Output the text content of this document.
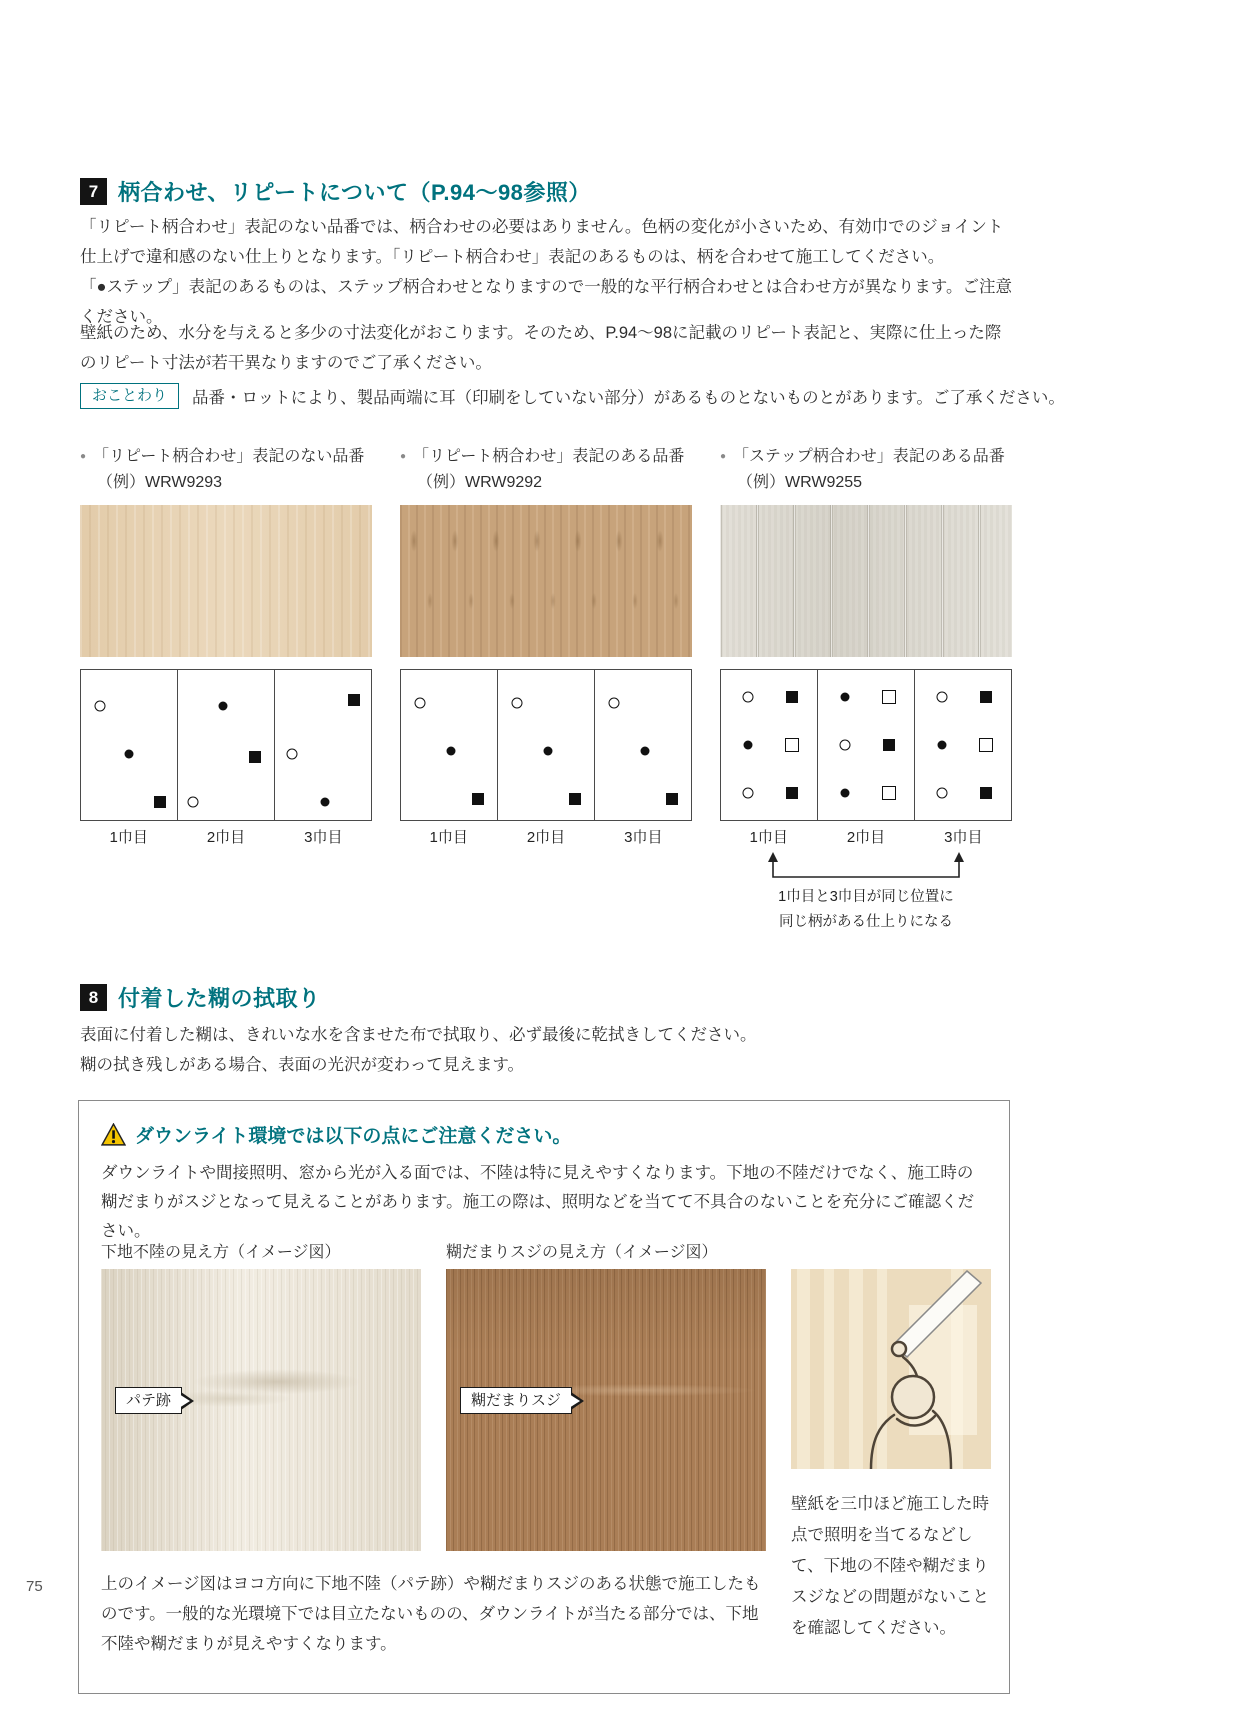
7 柄合わせ、リピートについて（P.94～98参照）

「リピート柄合わせ」表記のない品番では、柄合わせの必要はありません。色柄の変化が小さいため、有効巾でのジョイント仕上げで違和感のない仕上りとなります。「リピート柄合わせ」表記のあるものは、柄を合わせて施工してください。

「●ステップ」表記のあるものは、ステップ柄合わせとなりますので一般的な平行柄合わせとは合わせ方が異なります。ご注意ください。

壁紙のため、水分を与えると多少の寸法変化がおこります。そのため、P.94～98に記載のリピート表記と、実際に仕上った際のリピート寸法が若干異なりますのでご了承ください。

おことわり	品番・ロットにより、製品両端に耳（印刷をしていない部分）があるものとないものとがあります。ご了承ください。
● 「リピート柄合わせ」表記のない品番
（例）WRW9293
1巾目	2巾目	3巾目
● 「リピート柄合わせ」表記のある品番
（例）WRW9292
1巾目	2巾目	3巾目
● 「ステップ柄合わせ」表記のある品番
（例）WRW9255
1巾目	2巾目	3巾目
1巾目と3巾目が同じ位置に
同じ柄がある仕上りになる
8 付着した糊の拭取り

表面に付着した糊は、きれいな水を含ませた布で拭取り、必ず最後に乾拭きしてください。

糊の拭き残しがある場合、表面の光沢が変わって見えます。

ダウンライト環境では以下の点にご注意ください。
ダウンライトや間接照明、窓から光が入る面では、不陸は特に見えやすくなります。下地の不陸だけでなく、施工時の糊だまりがスジとなって見えることがあります。施工の際は、照明などを当てて不具合のないことを充分にご確認ください。
下地不陸の見え方（イメージ図）	糊だまりスジの見え方（イメージ図）
パテ跡	糊だまりスジ
上のイメージ図はヨコ方向に下地不陸（パテ跡）や糊だまりスジのある状態で施工したものです。一般的な光環境下では目立たないものの、ダウンライトが当たる部分では、下地不陸や糊だまりが見えやすくなります。
壁紙を三巾ほど施工した時点で照明を当てるなどして、下地の不陸や糊だまりスジなどの問題がないことを確認してください。
75
